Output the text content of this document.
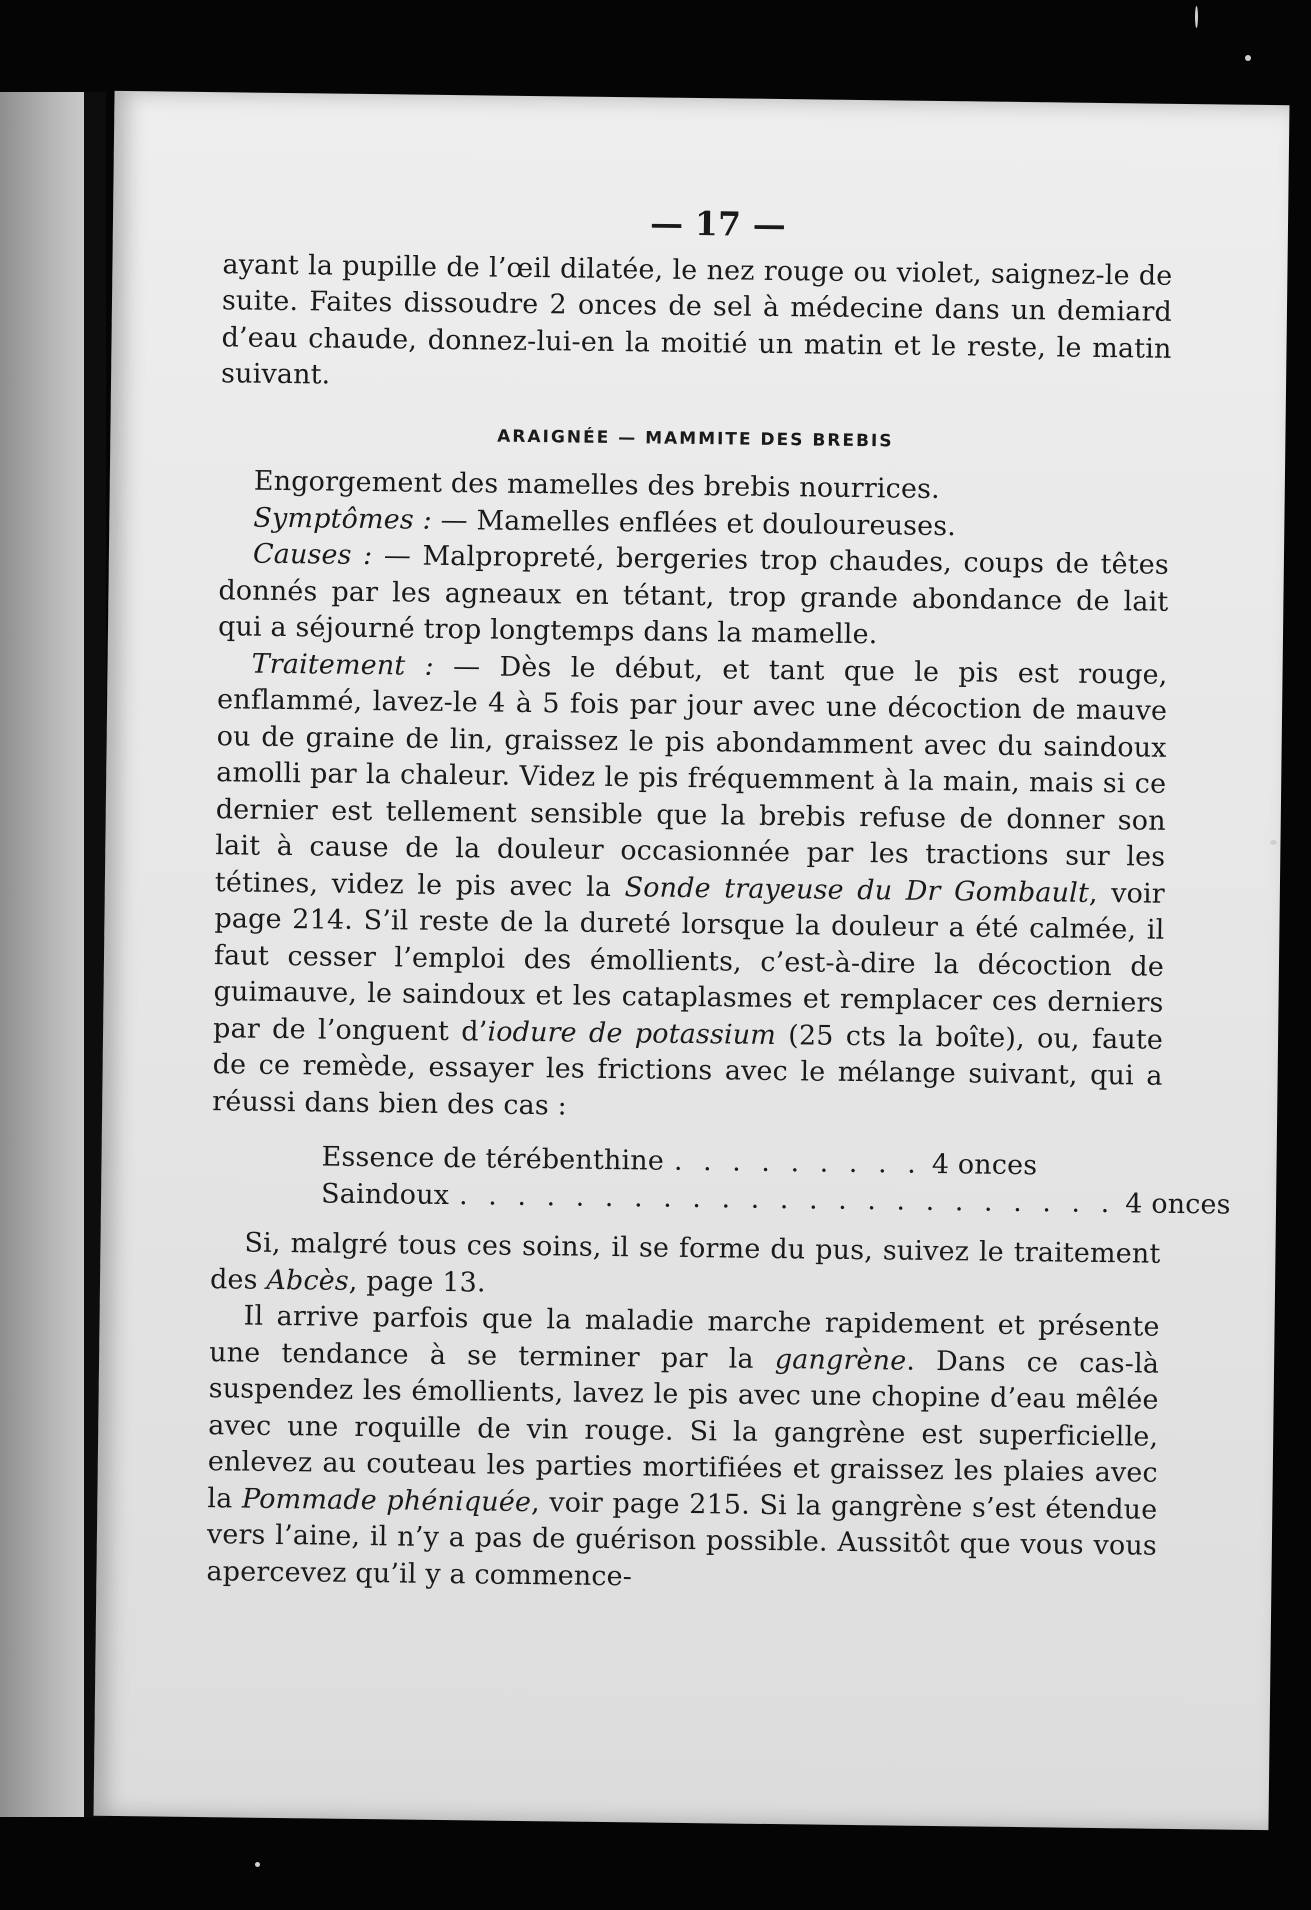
— 17 —

ayant la pupille de l’œil dilatée, le nez rouge ou violet, saignez-le de suite. Faites dissoudre 2 onces de sel à médecine dans un demiard d’eau chaude, donnez-lui-en la moitié un matin et le reste, le matin suivant.

ARAIGNÉE — MAMMITE DES BREBIS

Engorgement des mamelles des brebis nourrices.

Symptômes : — Mamelles enflées et douloureuses.

Causes : — Malpropreté, bergeries trop chaudes, coups de têtes donnés par les agneaux en tétant, trop grande abondance de lait qui a séjourné trop longtemps dans la mamelle.

Traitement : — Dès le début, et tant que le pis est rouge, enflammé, lavez-le 4 à 5 fois par jour avec une décoction de mauve ou de graine de lin, graissez le pis abondamment avec du saindoux amolli par la chaleur. Videz le pis fréquemment à la main, mais si ce dernier est tellement sensible que la brebis refuse de donner son lait à cause de la douleur occasionnée par les tractions sur les tétines, videz le pis avec la Sonde trayeuse du Dr Gombault, voir page 214. S’il reste de la dureté lorsque la douleur a été calmée, il faut cesser l’emploi des émollients, c’est-à-dire la décoction de guimauve, le saindoux et les cataplasmes et remplacer ces derniers par de l’onguent d’iodure de potassium (25 cts la boîte), ou, faute de ce remède, essayer les frictions avec le mélange suivant, qui a réussi dans bien des cas :

Essence de térébenthine . . . . . . . . . 4 onces
Saindoux . . . . . . . . . . . . . . . . . . . . . . . 4 onces

Si, malgré tous ces soins, il se forme du pus, suivez le traitement des Abcès, page 13.

Il arrive parfois que la maladie marche rapidement et présente une tendance à se terminer par la gangrène. Dans ce cas-là suspendez les émollients, lavez le pis avec une chopine d’eau mêlée avec une roquille de vin rouge. Si la gangrène est superficielle, enlevez au couteau les parties mortifiées et graissez les plaies avec la Pommade phéniquée, voir page 215. Si la gangrène s’est étendue vers l’aine, il n’y a pas de guérison possible. Aussitôt que vous vous apercevez qu’il y a commence-
